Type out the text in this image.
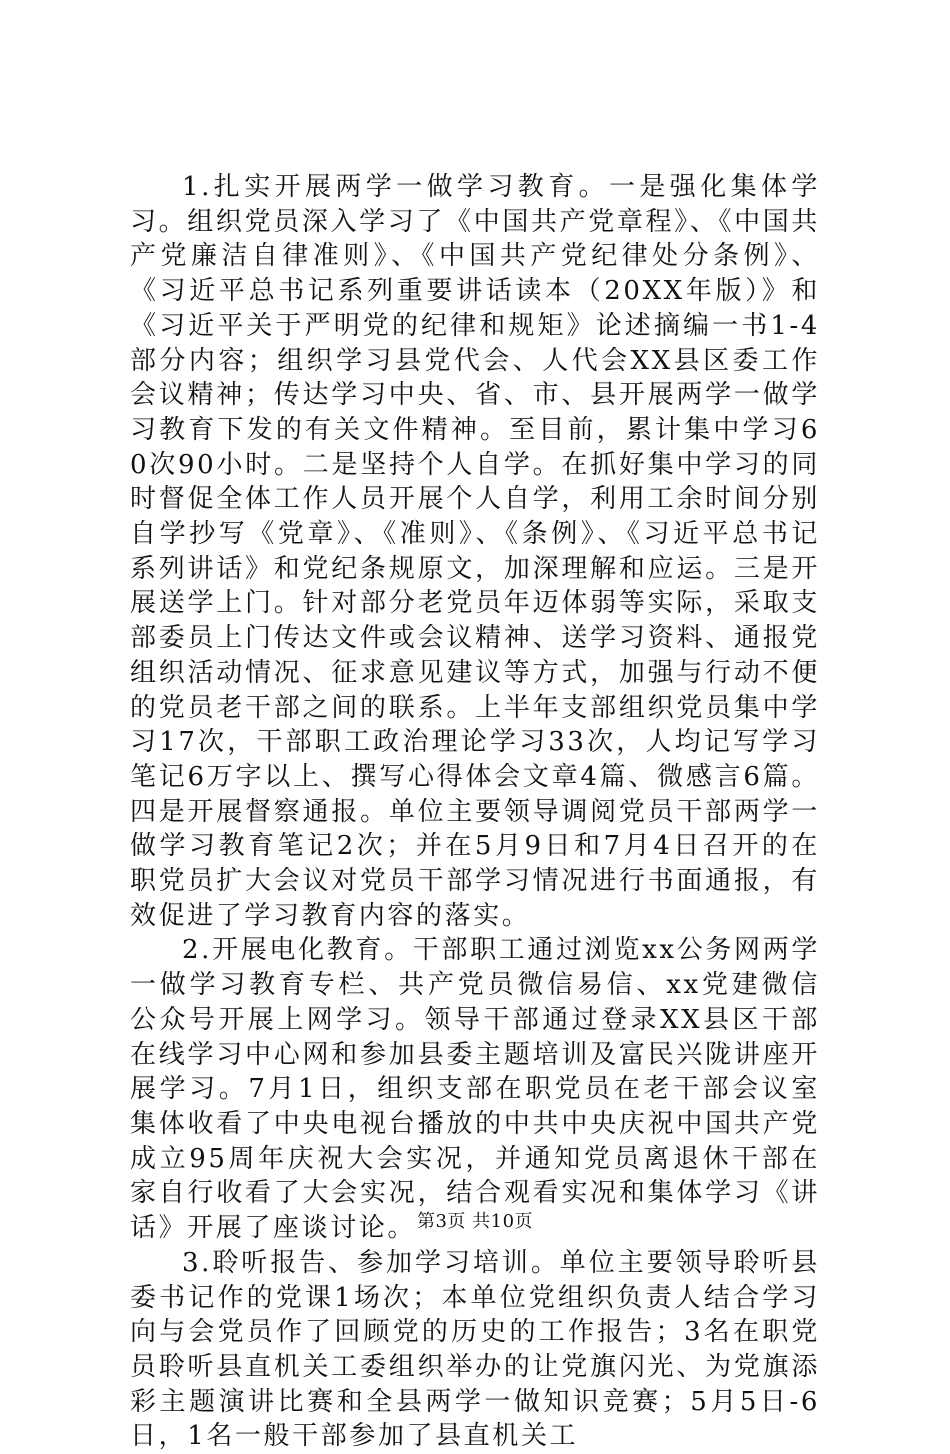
1.扎实开展两学一做学习教育。一是强化集体学习。组织党员深入学习了《中国共产党章程》、《中国共产党廉洁自律准则》、《中国共产党纪律处分条例》、《习近平总书记系列重要讲话读本（20XX年版）》和《习近平关于严明党的纪律和规矩》论述摘编一书1-4部分内容；组织学习县党代会、人代会XX县区委工作会议精神；传达学习中央、省、市、县开展两学一做学习教育下发的有关文件精神。至目前，累计集中学习60次90小时。二是坚持个人自学。在抓好集中学习的同时督促全体工作人员开展个人自学，利用工余时间分别自学抄写《党章》、《准则》、《条例》、《习近平总书记系列讲话》和党纪条规原文，加深理解和应运。三是开展送学上门。针对部分老党员年迈体弱等实际，采取支部委员上门传达文件或会议精神、送学习资料、通报党组织活动情况、征求意见建议等方式，加强与行动不便的党员老干部之间的联系。上半年支部组织党员集中学习17次，干部职工政治理论学习33次，人均记写学习笔记6万字以上、撰写心得体会文章4篇、微感言6篇。四是开展督察通报。单位主要领导调阅党员干部两学一做学习教育笔记2次；并在5月9日和7月4日召开的在职党员扩大会议对党员干部学习情况进行书面通报，有效促进了学习教育内容的落实。

2.开展电化教育。干部职工通过浏览xx公务网两学一做学习教育专栏、共产党员微信易信、xx党建微信公众号开展上网学习。领导干部通过登录XX县区干部在线学习中心网和参加县委主题培训及富民兴陇讲座开展学习。7月1日，组织支部在职党员在老干部会议室集体收看了中央电视台播放的中共中央庆祝中国共产党成立95周年庆祝大会实况，并通知党员离退休干部在家自行收看了大会实况，结合观看实况和集体学习《讲话》开展了座谈讨论。

3.聆听报告、参加学习培训。单位主要领导聆听县委书记作的党课1场次；本单位党组织负责人结合学习向与会党员作了回顾党的历史的工作报告；3名在职党员聆听县直机关工委组织举办的让党旗闪光、为党旗添彩主题演讲比赛和全县两学一做知识竞赛；5月5日-6日，1名一般干部参加了县直机关工

第3页 共10页
